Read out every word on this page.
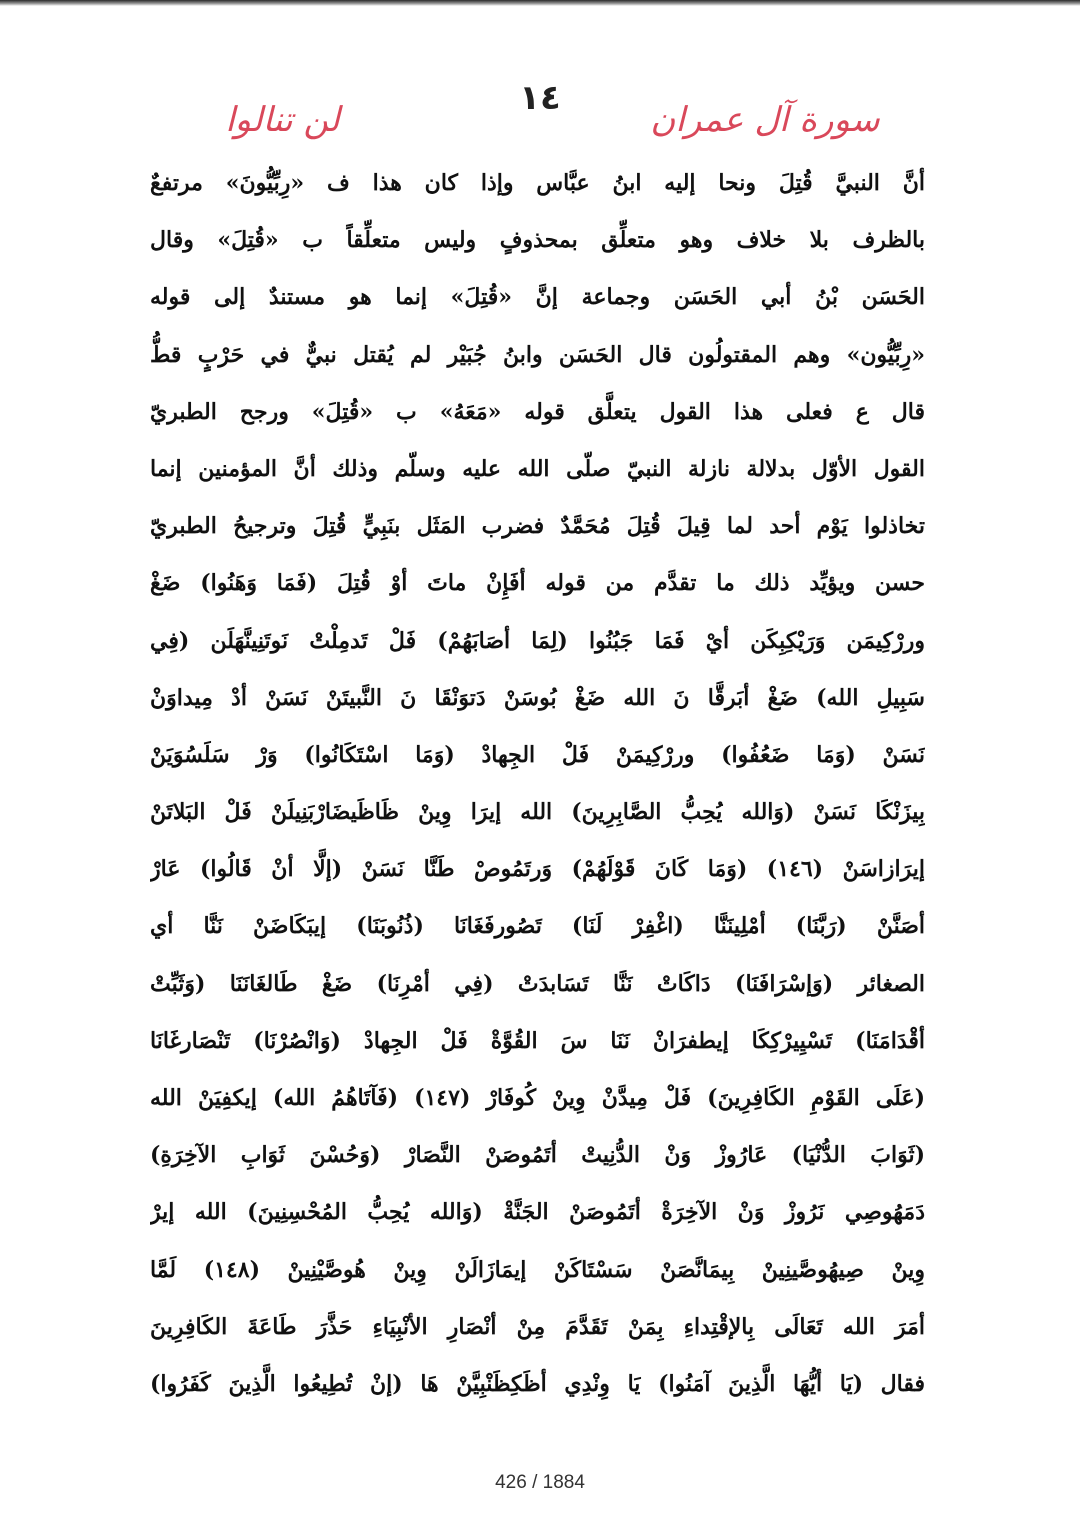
١٤
سورة آل عمران
لن تنالوا
أنَّ النبيَّ قُتِلَ ونحا إليه ابنُ عبَّاس وإذا كان هذا ف «رِبِّيُّونَ» مرتفعٌ
بالظرف بلا خلاف وهو متعلِّق بمحذوفٍ وليس متعلِّقاً ب «قُتِلَ» وقال
الحَسَن بْنُ أبي الحَسَن وجماعة إنَّ «قُتِلَ» إنما هو مستندٌ إلى قوله
«رِبِّيُّون» وهم المقتولُون قال الحَسَن وابنُ جُبَيْر لم يُقتل نبيٌّ في حَرْبٍ قطُّ
قال ع فعلى هذا القول يتعلَّق قوله «مَعَهُ» ب «قُتِلَ» ورجح الطبريّ
القول الأوّل بدلالة نازلة النبيّ صلّى الله عليه وسلّم وذلك أنَّ المؤمنين إنما
تخاذلوا يَوْم أحد لما قِيلَ قُتِلَ مُحَمَّدٌ فضرب المَثَل بنَبِيٍّ قُتِلَ وترجيحُ الطبريّ
حسن ويؤيِّد ذلك ما تقدَّم من قوله أفَإِنْ ماتَ أوْ قُتِلَ (فَمَا وَهَنُوا) ضَغْ
وررْكِيمَن وَرَيْكِبِكَن أيْ فَمَا جَبُنُوا (لِمَا أصَابَهُمْ) فَلْ تَدمِلْتْ نَوتَنِينَّهَلَن (فِي
سَبِيلِ الله) ضَغْ أبَرقَّا نَ الله ضَغْ بُوسَنْ دَتوَنْقَا نَ النَّبيتَنْ نَسَنْ أدْ مِيداوَنْ
نَسَنْ (وَمَا ضَعُفُوا) وررْكِيمَنْ فَلْ الجِهادْ (وَمَا اسْتَكَانُوا) وَرْ سَلَسُوَيَنْ
بِيزَنْكَا نَسَنْ (وَالله يُحِبُّ الصَّابِرِينَ) الله إيرَا وِينْ ظَاظَيضَارْبَنِيلَنْ فَلْ البَلاتَنْ
إيرَازاسَنْ (١٤٦) (وَمَا كَانَ قَوْلَهُمْ) وَرتَمُوصْ طَنَّا نَسَنْ (إلَّا أنْ قَالُوا) عَارْ
أصَنَّنْ (رَبَّنَا) أمْلِينَنَّا (اغْفِرْ لَنَا) تَصُورفَغَانَا (ذُنُوبَنَا) إيبَكَاضَنْ نَنَّا أي
الصغائر (وَإسْرَافَنَا) دَاكَاتْ نَنَّا تَسَابدَتْ (فِي أمْرِنَا) ضَغْ طَالغَانَنَا (وَثَبِّتْ
أقْدَامَنَا) تَسْيِيرْكِكَا إيطفرَانْ نَنَا سَ القُوَّةْ فَلْ الجِهادْ (وَانْصُرْنَا) تَنْصَارغَانَا
(عَلَى القَوْمِ الكَافِرِينَ) فَلْ مِيدَّنْ وِينْ كُوفَارْ (١٤٧) (فَآتَاهُمُ الله) إيكفِيَنْ الله
(ثَوَابَ الدُّنْيَا) عَارُوزْ وَنْ الدُّنِيتْ أتَمُوصَنْ النَّصَارْ (وَحُسْنَ ثَوَابِ الآخِرَةِ)
دَمَهُوصِي نَرُوزْ وَنْ الآخِرَةْ أتَمُوصَنْ الجَنَّةْ (وَالله يُحِبُّ المُحْسِنِينَ) الله إيرْ
وِينْ صِيهُوصَّينِينْ بِيمَانَّصَنْ سَسْتَاكَنْ إيمَازَالَنْ وِينْ هُوصَّيْنِينْ (١٤٨) لَمَّا
أمَرَ الله تَعَالَى بِالإقْتِداءِ بِمَنْ تَقَدَّمَ مِنْ أنْصَارِ الأنْبِيَاءِ حَذَّرَ طَاعَةَ الكَافِرِينَ
فقال (يَا أيُّهَا الَّذِينَ آمَنُوا) يَا وِنْدِي أظَكِظَنْبِيَّنْ هَا (إنْ تُطِيعُوا الَّذِينَ كَفَرُوا)
426 / 1884
